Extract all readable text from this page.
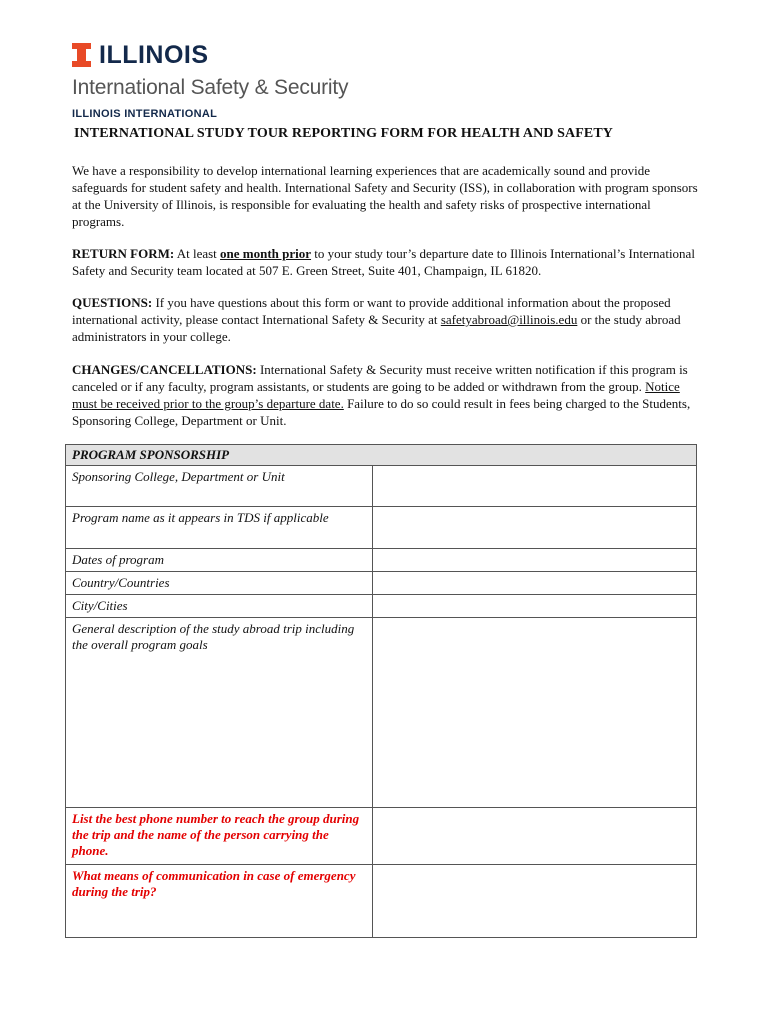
ILLINOIS
International Safety & Security
ILLINOIS INTERNATIONAL
INTERNATIONAL STUDY TOUR REPORTING FORM FOR HEALTH AND SAFETY
We have a responsibility to develop international learning experiences that are academically sound and provide safeguards for student safety and health. International Safety and Security (ISS), in collaboration with program sponsors at the University of Illinois, is responsible for evaluating the health and safety risks of prospective international programs.
RETURN FORM: At least one month prior to your study tour’s departure date to Illinois International’s International Safety and Security team located at 507 E. Green Street, Suite 401, Champaign, IL 61820.
QUESTIONS: If you have questions about this form or want to provide additional information about the proposed international activity, please contact International Safety & Security at safetyabroad@illinois.edu or the study abroad administrators in your college.
CHANGES/CANCELLATIONS: International Safety & Security must receive written notification if this program is canceled or if any faculty, program assistants, or students are going to be added or withdrawn from the group. Notice must be received prior to the group’s departure date. Failure to do so could result in fees being charged to the Students, Sponsoring College, Department or Unit.
PROGRAM SPONSORSHIP	
Sponsoring College, Department or Unit	
Program name as it appears in TDS if applicable	
Dates of program	
Country/Countries	
City/Cities	
General description of the study abroad trip including the overall program goals	
List the best phone number to reach the group during the trip and the name of the person carrying the phone.	
What means of communication in case of emergency during the trip?	
